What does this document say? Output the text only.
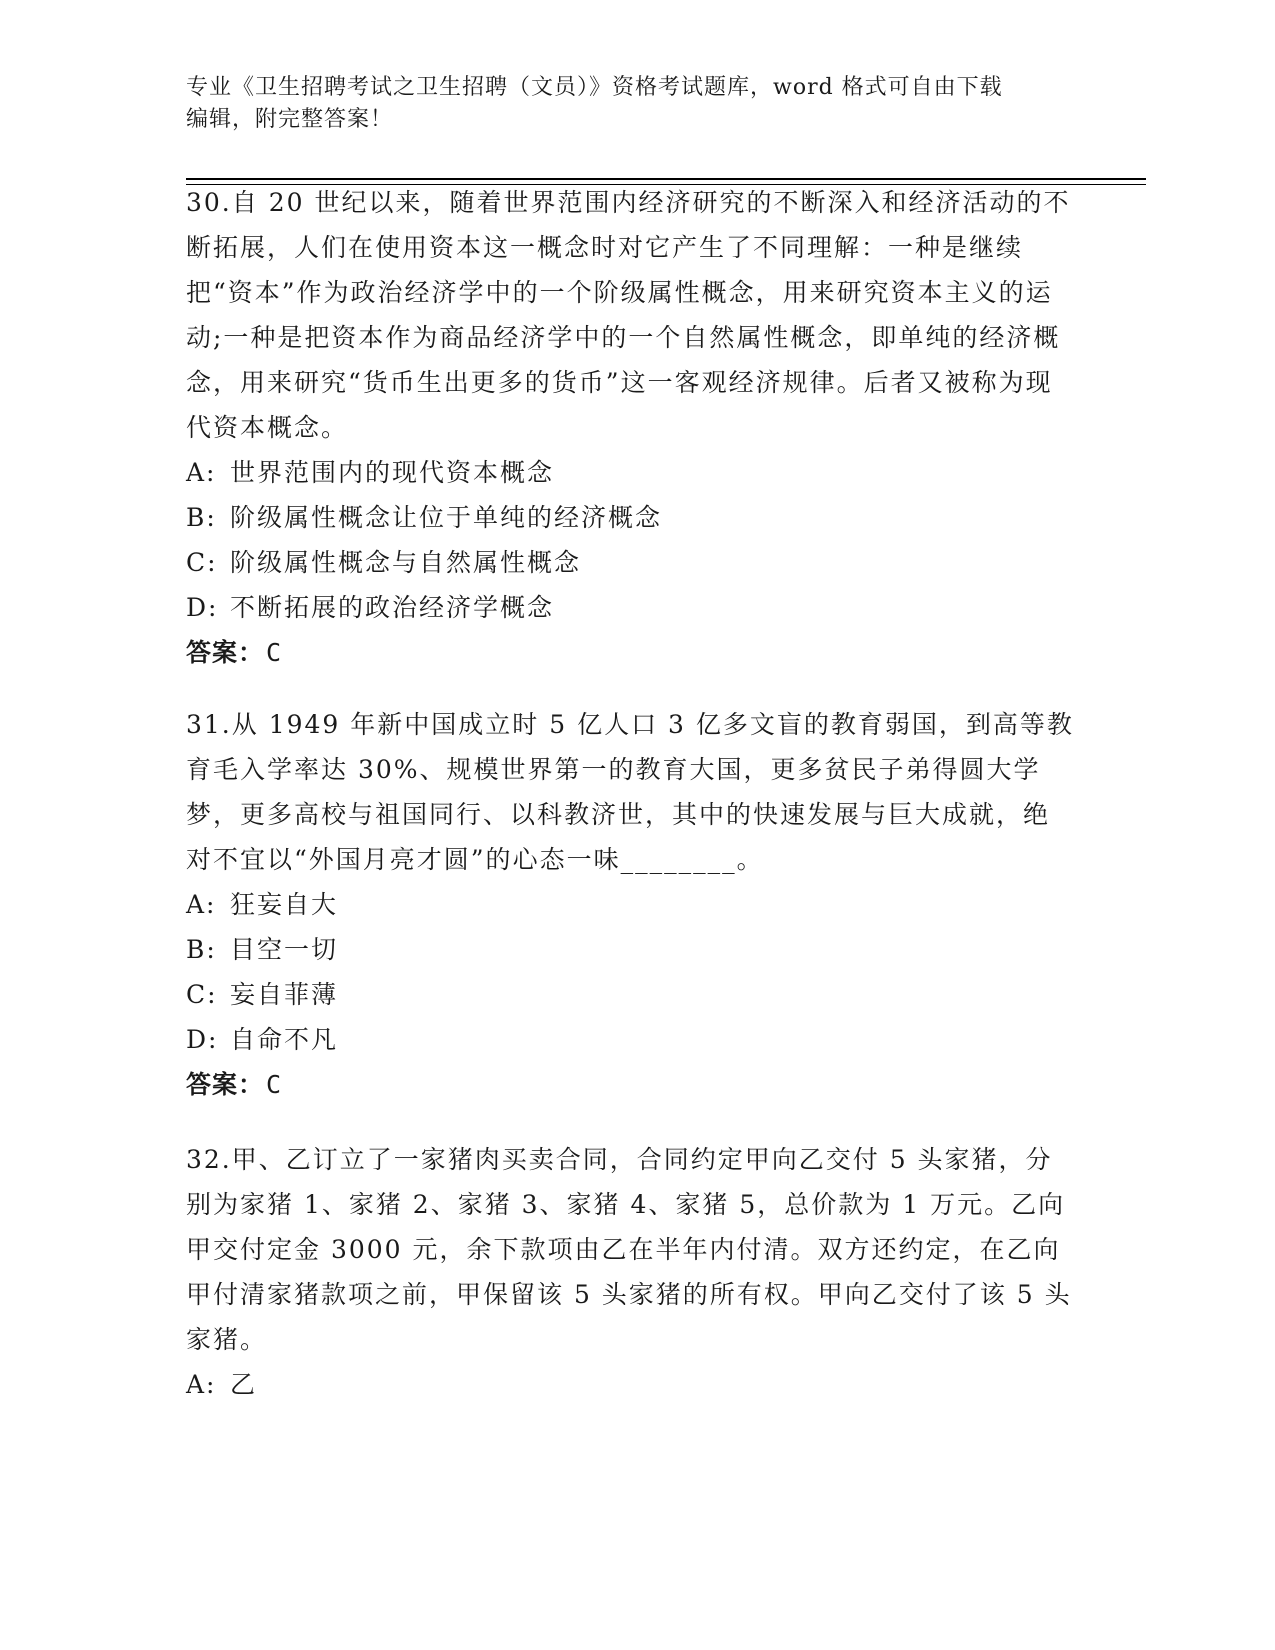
专业《卫生招聘考试之卫生招聘（文员）》资格考试题库，word 格式可自由下载
编辑，附完整答案！
30.自 20 世纪以来，随着世界范围内经济研究的不断深入和经济活动的不断拓展，人们在使用资本这一概念时对它产生了不同理解：一种是继续把“资本”作为政治经济学中的一个阶级属性概念，用来研究资本主义的运动;一种是把资本作为商品经济学中的一个自然属性概念，即单纯的经济概念，用来研究“货币生出更多的货币”这一客观经济规律。后者又被称为现代资本概念。
A: 世界范围内的现代资本概念
B: 阶级属性概念让位于单纯的经济概念
C: 阶级属性概念与自然属性概念
D: 不断拓展的政治经济学概念
答案：C
31.从 1949 年新中国成立时 5 亿人口 3 亿多文盲的教育弱国，到高等教育毛入学率达 30%、规模世界第一的教育大国，更多贫民子弟得圆大学梦，更多高校与祖国同行、以科教济世，其中的快速发展与巨大成就，绝对不宜以“外国月亮才圆”的心态一味________。
A: 狂妄自大
B: 目空一切
C: 妄自菲薄
D: 自命不凡
答案：C
32.甲、乙订立了一家猪肉买卖合同，合同约定甲向乙交付 5 头家猪，分别为家猪 1、家猪 2、家猪 3、家猪 4、家猪 5，总价款为 1 万元。乙向甲交付定金 3000 元，余下款项由乙在半年内付清。双方还约定，在乙向甲付清家猪款项之前，甲保留该 5 头家猪的所有权。甲向乙交付了该 5 头家猪。
A: 乙
